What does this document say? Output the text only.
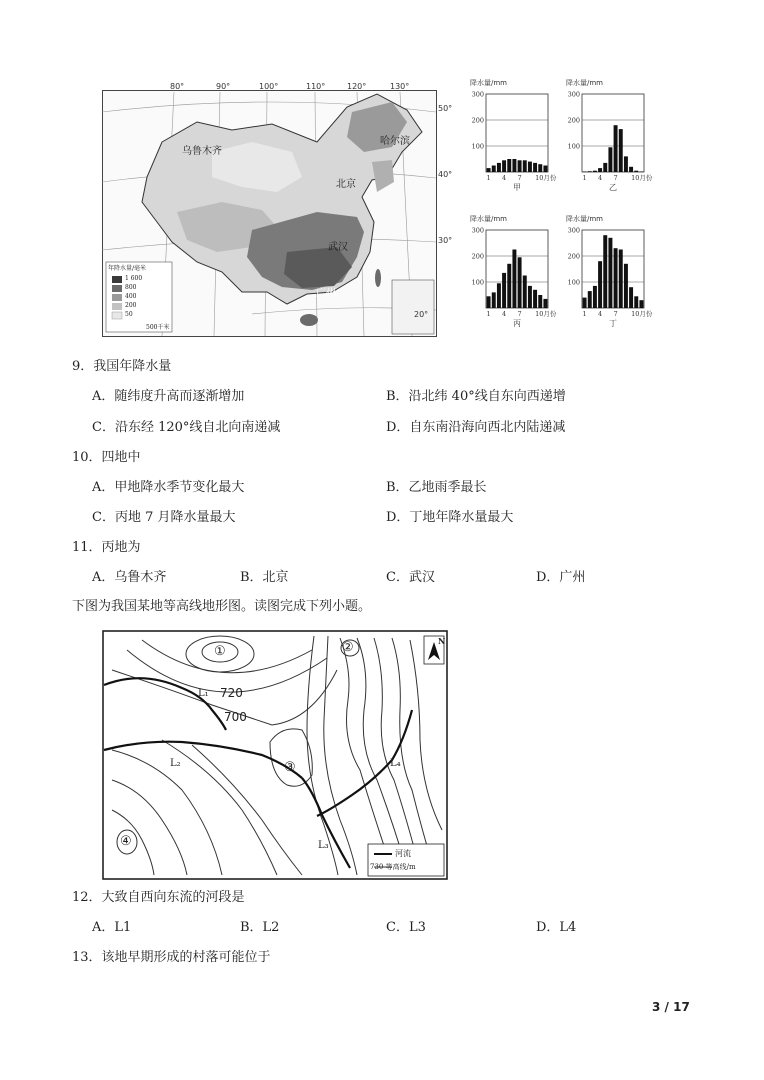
80°	90°	100°	110°	120°	130°
50°
40°
30°
20°
乌鲁木齐
哈尔滨
北京
武汉
广州
年降水量/毫米
1 600
800
400
200
50
500千米
降水量/mm
300
200
100
1 4 7 10月份
甲
降水量/mm
300
200
100
1 4 7 10月份
乙
降水量/mm
300
200
100
1 4 7 10月份
丙
降水量/mm
300
200
100
1 4 7 10月份
丁
9．我国年降水量
A．随纬度升高而逐渐增加	B．沿北纬 40°线自东向西递增
C．沿东经 120°线自北向南递减	D．自东南沿海向西北内陆递减
10．四地中
A．甲地降水季节变化最大	B．乙地雨季最长
C．丙地 7 月降水量最大	D．丁地年降水量最大
11．丙地为
A．乌鲁木齐	B．北京	C．武汉	D．广州
下图为我国某地等高线地形图。读图完成下列小题。
720
700
L₁
L₂
L₃
L₄
①	②
③
④
N
河流
730 等高线/m
12．大致自西向东流的河段是
A．L1	B．L2	C．L3	D．L4
13．该地早期形成的村落可能位于
3 / 17
